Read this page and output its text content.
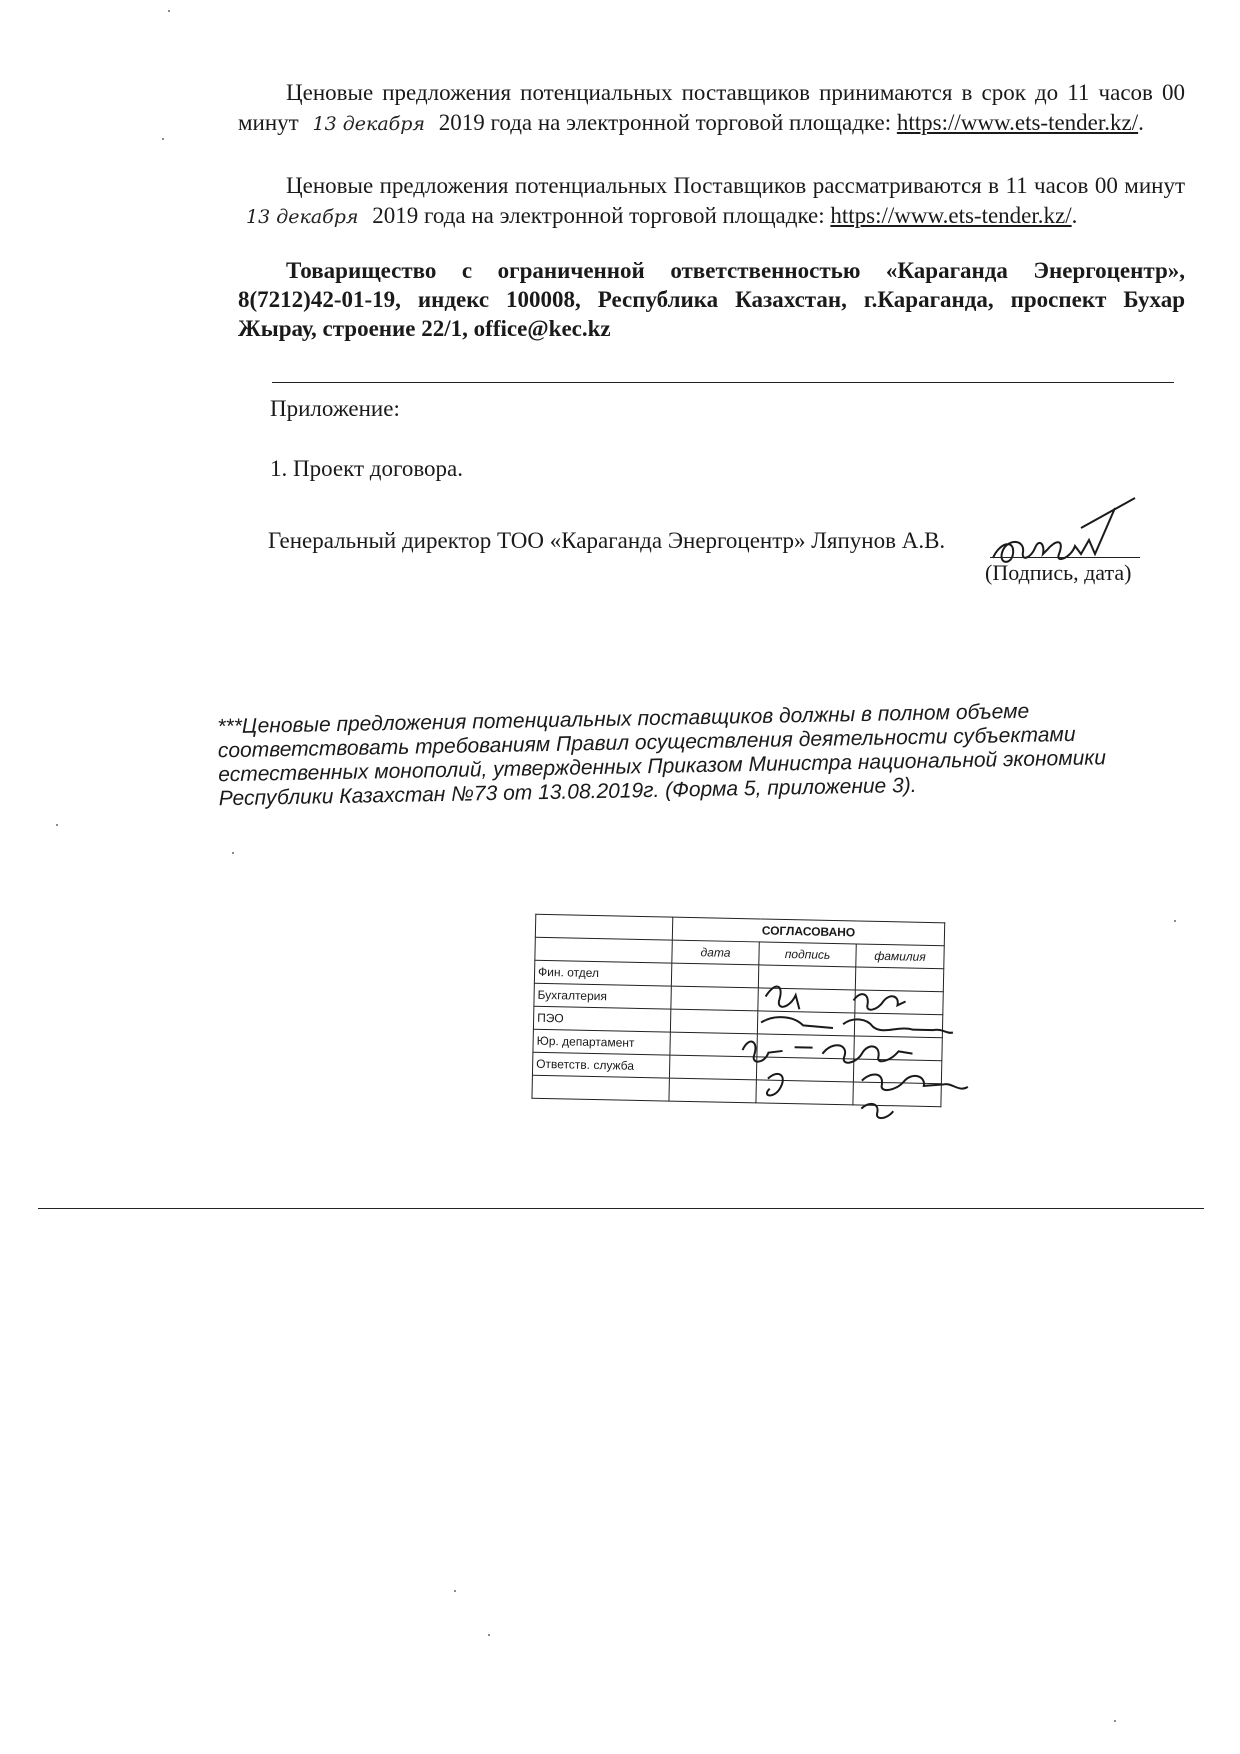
Ценовые предложения потенциальных поставщиков принимаются в срок до 11 часов 00 минут 13 декабря 2019 года на электронной торговой площадке: https://www.ets-tender.kz/.
Ценовые предложения потенциальных Поставщиков рассматриваются в 11 часов 00 минут 13 декабря 2019 года на электронной торговой площадке: https://www.ets-tender.kz/.
Товарищество с ограниченной ответственностью «Караганда Энергоцентр», 8(7212)42-01-19, индекс 100008, Республика Казахстан, г.Караганда, проспект Бухар Жырау, строение 22/1, office@kec.kz
Приложение:
1. Проект договора.
Генеральный директор ТОО «Караганда Энергоцентр» Ляпунов А.В.
(Подпись, дата)
***Ценовые предложения потенциальных поставщиков должны в полном объеме соответствовать требованиям Правил осуществления деятельности субъектами естественных монополий, утвержденных Приказом Министра национальной экономики Республики Казахстан №73 от 13.08.2019г. (Форма 5, приложение 3).
	СОГЛАСОВАНО		
	дата	подпись	фамилия
Фин. отдел			
Бухгалтерия			
ПЭО			
Юр. департамент			
Ответств. служба			
